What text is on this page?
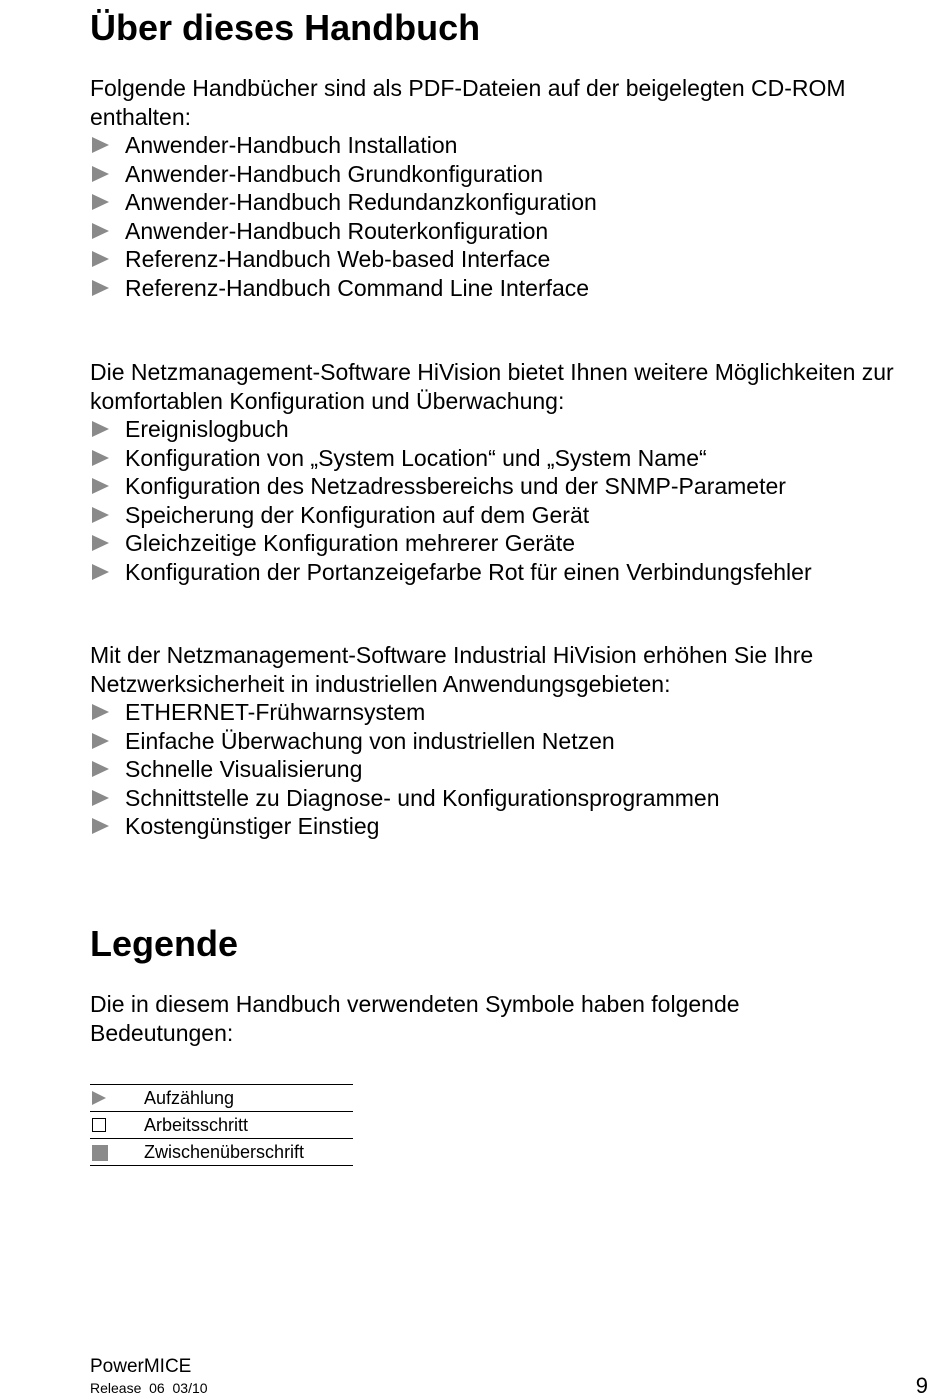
Über dieses Handbuch

Folgende Handbücher sind als PDF-Dateien auf der beigelegten CD-ROM enthalten:

Anwender-Handbuch Installation
Anwender-Handbuch Grundkonfiguration
Anwender-Handbuch Redundanzkonfiguration
Anwender-Handbuch Routerkonfiguration
Referenz-Handbuch Web-based Interface
Referenz-Handbuch Command Line Interface

Die Netzmanagement-Software HiVision bietet Ihnen weitere Möglichkeiten zur komfortablen Konfiguration und Überwachung:

Ereignislogbuch
Konfiguration von „System Location“ und „System Name“
Konfiguration des Netzadressbereichs und der SNMP-Parameter
Speicherung der Konfiguration auf dem Gerät
Gleichzeitige Konfiguration mehrerer Geräte
Konfiguration der Portanzeigefarbe Rot für einen Verbindungsfehler

Mit der Netzmanagement-Software Industrial HiVision erhöhen Sie Ihre Netzwerksicherheit in industriellen Anwendungsgebieten:

ETHERNET-Frühwarnsystem
Einfache Überwachung von industriellen Netzen
Schnelle Visualisierung
Schnittstelle zu Diagnose- und Konfigurationsprogrammen
Kostengünstiger Einstieg
Legende

Die in diesem Handbuch verwendeten Symbole haben folgende Bedeutungen:

	Aufzählung

	Arbeitsschritt

	Zwischenüberschrift
PowerMICE
Release  06  03/10	9
